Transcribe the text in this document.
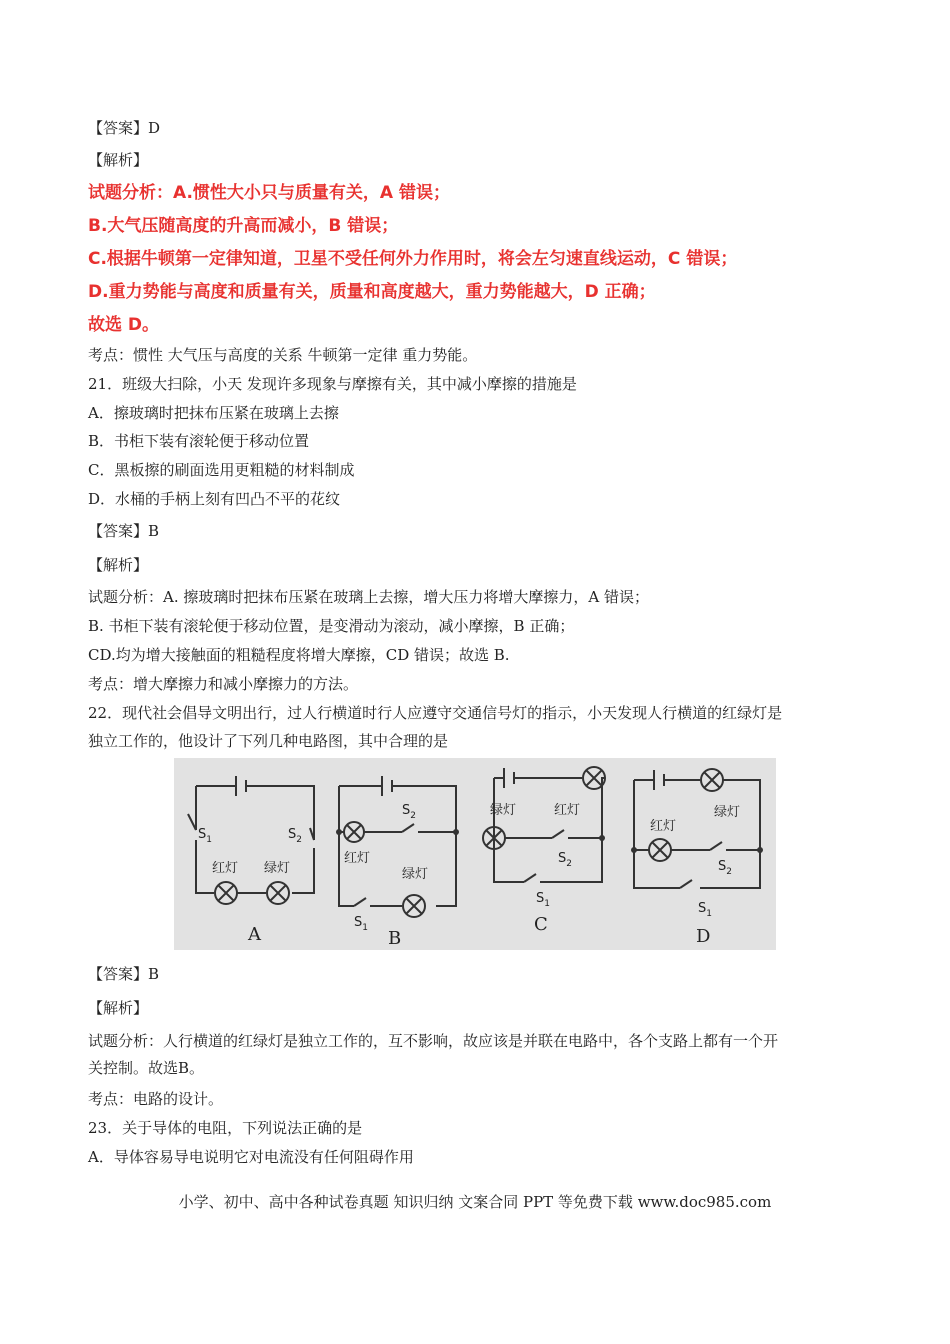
【答案】D
【解析】
试题分析：A.惯性大小只与质量有关，A 错误；
B.大气压随高度的升高而减小，B 错误；
C.根据牛顿第一定律知道，卫星不受任何外力作用时，将会左匀速直线运动，C 错误；
D.重力势能与高度和质量有关，质量和高度越大，重力势能越大，D 正确；
故选 D。
考点：惯性 大气压与高度的关系 牛顿第一定律 重力势能。
21．班级大扫除，小天 发现许多现象与摩擦有关，其中减小摩擦的措施是
A．擦玻璃时把抹布压紧在玻璃上去擦
B．书柜下装有滚轮便于移动位置
C．黑板擦的刷面选用更粗糙的材料制成
D．水桶的手柄上刻有凹凸不平的花纹
【答案】B
【解析】
试题分析：A. 擦玻璃时把抹布压紧在玻璃上去擦，增大压力将增大摩擦力，A 错误；
B. 书柜下装有滚轮便于移动位置，是变滑动为滚动，减小摩擦，B 正确；
CD.均为增大接触面的粗糙程度将增大摩擦，CD 错误；故选 B.
考点：增大摩擦力和减小摩擦力的方法。
22．现代社会倡导文明出行，过人行横道时行人应遵守交通信号灯的指示，小天发现人行横道的红绿灯是
独立工作的，他设计了下列几种电路图，其中合理的是
$S_1$	$S_2$
红灯 绿灯
A
$S_2$
红灯
绿灯
$S_1$ B
绿灯	红灯
$S_2$
$S_1$
C
绿灯
红灯
$S_2$
$S_1$
D
【答案】B
【解析】
试题分析：人行横道的红绿灯是独立工作的，互不影响，故应该是并联在电路中，各个支路上都有一个开
关控制。故选B。
考点：电路的设计。
23．关于导体的电阻，下列说法正确的是
A．导体容易导电说明它对电流没有任何阻碍作用
小学、初中、高中各种试卷真题 知识归纳 文案合同 PPT 等免费下载 www.doc985.com
